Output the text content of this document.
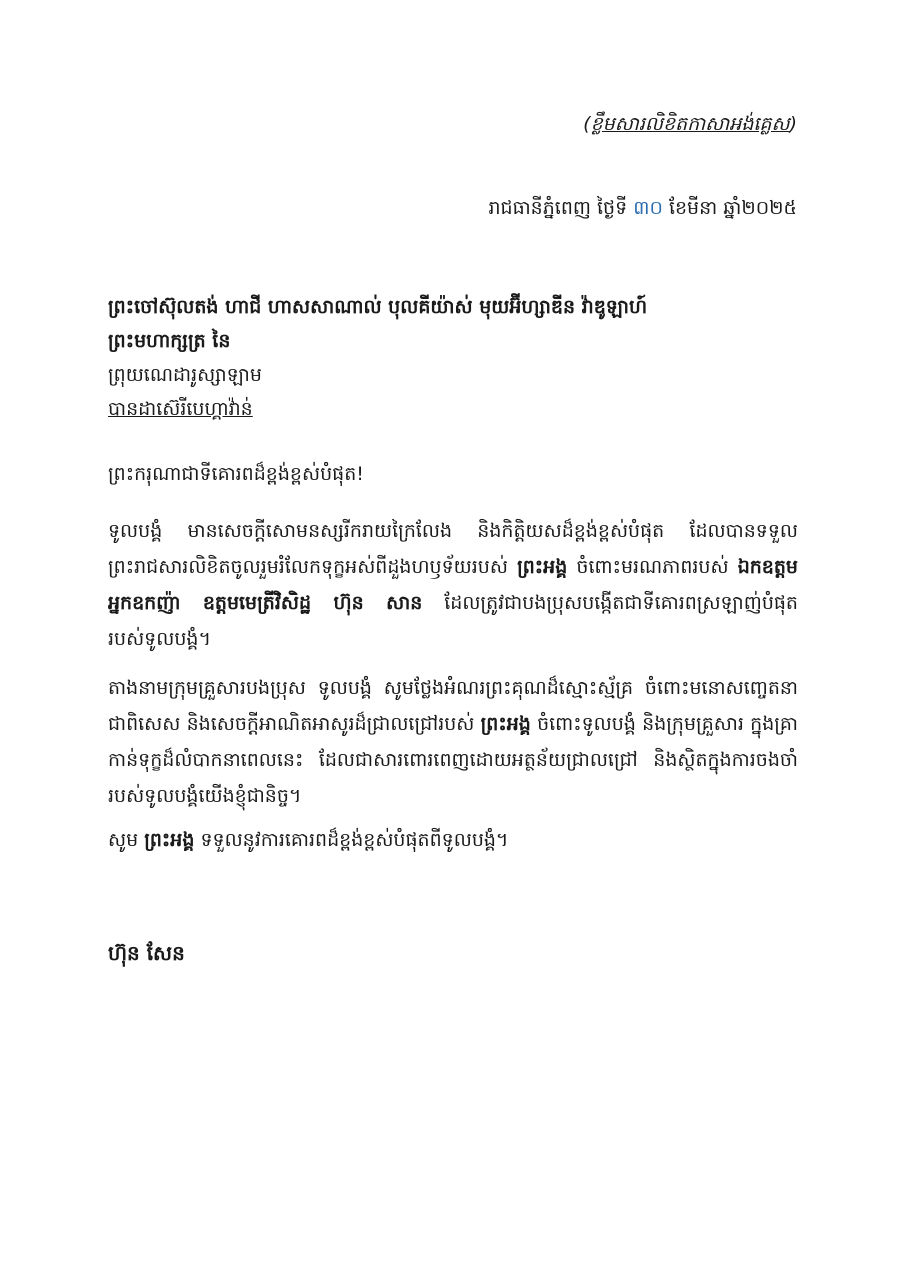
(ខ្លឹមសារលិខិតកាសាអង់គ្លេស)
រាជធានីភ្នំពេញ ថ្ងៃទី ៣០ ខែមីនា ឆ្នាំ២០២៥
ព្រះចៅស៊ុលតង់ ហាជី ហាសសាណាល់ បុលគីយ៉ាស់ មុយអ៊ីហ្សាឌីន វ៉ាឌូឡាហ៍
ព្រះមហាក្សត្រ នៃ
ព្រុយណេដារូស្សាឡាម
បានដាស៊េរីបេហ្គាវ៉ាន់
ព្រះករុណាជាទីគោរពដ៏ខ្ពង់ខ្ពស់បំផុត!
ទូលបង្គំ មានសេចក្ដីសោមនស្សរីករាយក្រៃលែង និងកិត្តិយសដ៏ខ្ពង់ខ្ពស់បំផុត ដែលបានទទួលព្រះរាជសារលិខិតចូលរួមរំលែកទុក្ខអស់ពីដួងហឫទ័យរបស់ ព្រះអង្គ ចំពោះមរណភាពរបស់ ឯកឧត្តមអ្នកឧកញ៉ា ឧត្តមមេត្រីវិសិដ្ឋ ហ៊ុន សាន ដែលត្រូវជាបងប្រុសបង្កើតជាទីគោរពស្រឡាញ់បំផុតរបស់ទូលបង្គំ។
តាងនាមក្រុមគ្រួសារបងប្រុស ទូលបង្គំ សូមថ្លែងអំណរព្រះគុណដ៏ស្មោះស្ម័គ្រ ចំពោះមនោសញ្ចេតនាជាពិសេស និងសេចក្ដីអាណិតអាសូរដ៏ជ្រាលជ្រៅរបស់ ព្រះអង្គ ចំពោះទូលបង្គំ និងក្រុមគ្រួសារ ក្នុងគ្រាកាន់ទុក្ខដ៏លំបាកនាពេលនេះ ដែលជាសារពោរពេញដោយអត្ថន័យជ្រាលជ្រៅ និងស្ថិតក្នុងការចងចាំរបស់ទូលបង្គំយើងខ្ញុំជានិច្ច។
សូម ព្រះអង្គ ទទួលនូវការគោរពដ៏ខ្ពង់ខ្ពស់បំផុតពីទូលបង្គំ។
ហ៊ុន សែន
